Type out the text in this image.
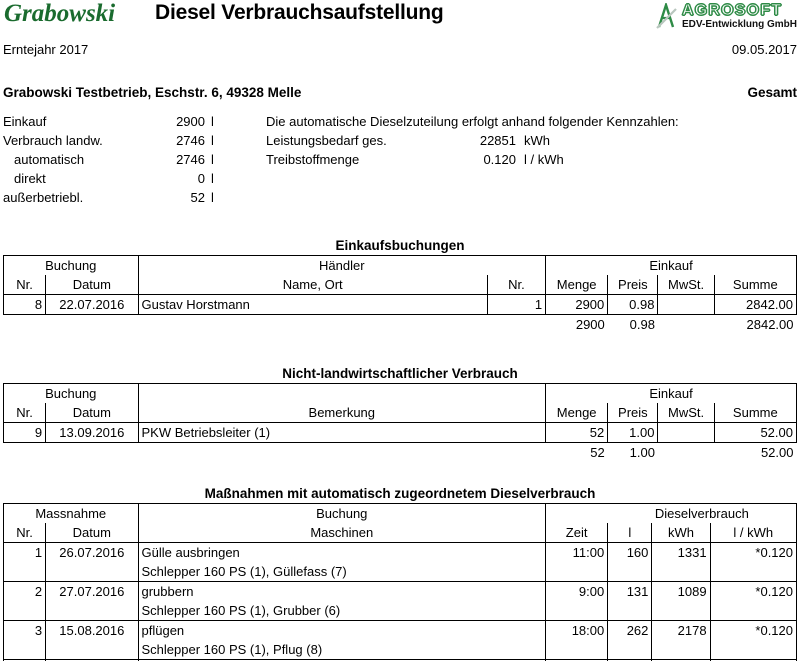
Grabowski Diesel Verbrauchsaufstellung	AGROSOFT
EDV-Entwicklung GmbH
Erntejahr 2017	09.05.2017
Grabowski Testbetrieb, Eschstr. 6, 49328 Melle	Gesamt
Einkauf	2900 l
Verbrauch landw.	2746 l
automatisch	2746 l
direkt	0 l
außerbetriebl.	52 l
Die automatische Dieselzuteilung erfolgt anhand folgender Kennzahlen:
Leistungsbedarf ges.	22851 kWh
Treibstoffmenge	0.120 l / kWh
Einkaufsbuchungen
Buchung		Händler		Einkauf			
Nr.	Datum	Name, Ort	Nr.	Menge	Preis	MwSt.	Summe
8	22.07.2016	Gustav Horstmann	1	2900	0.98		2842.00
				2900	0.98		2842.00
Nicht-landwirtschaftlicher Verbrauch
Buchung			Einkauf			
Nr.	Datum	Bemerkung	Menge	Preis	MwSt.	Summe
9	13.09.2016	PKW Betriebsleiter (1)	52	1.00		52.00
			52	1.00		52.00
Maßnahmen mit automatisch zugeordnetem Dieselverbrauch
Massnahme		Buchung		Dieselverbrauch		
Nr.	Datum	Maschinen	Zeit	l	kWh	l / kWh
1	26.07.2016	Gülle ausbringen	11:00	160	1331	*0.120
		Schlepper 160 PS (1), Güllefass (7)				
2	27.07.2016	grubbern	9:00	131	1089	*0.120
		Schlepper 160 PS (1), Grubber (6)				
3	15.08.2016	pflügen	18:00	262	2178	*0.120
		Schlepper 160 PS (1), Pflug (8)				
